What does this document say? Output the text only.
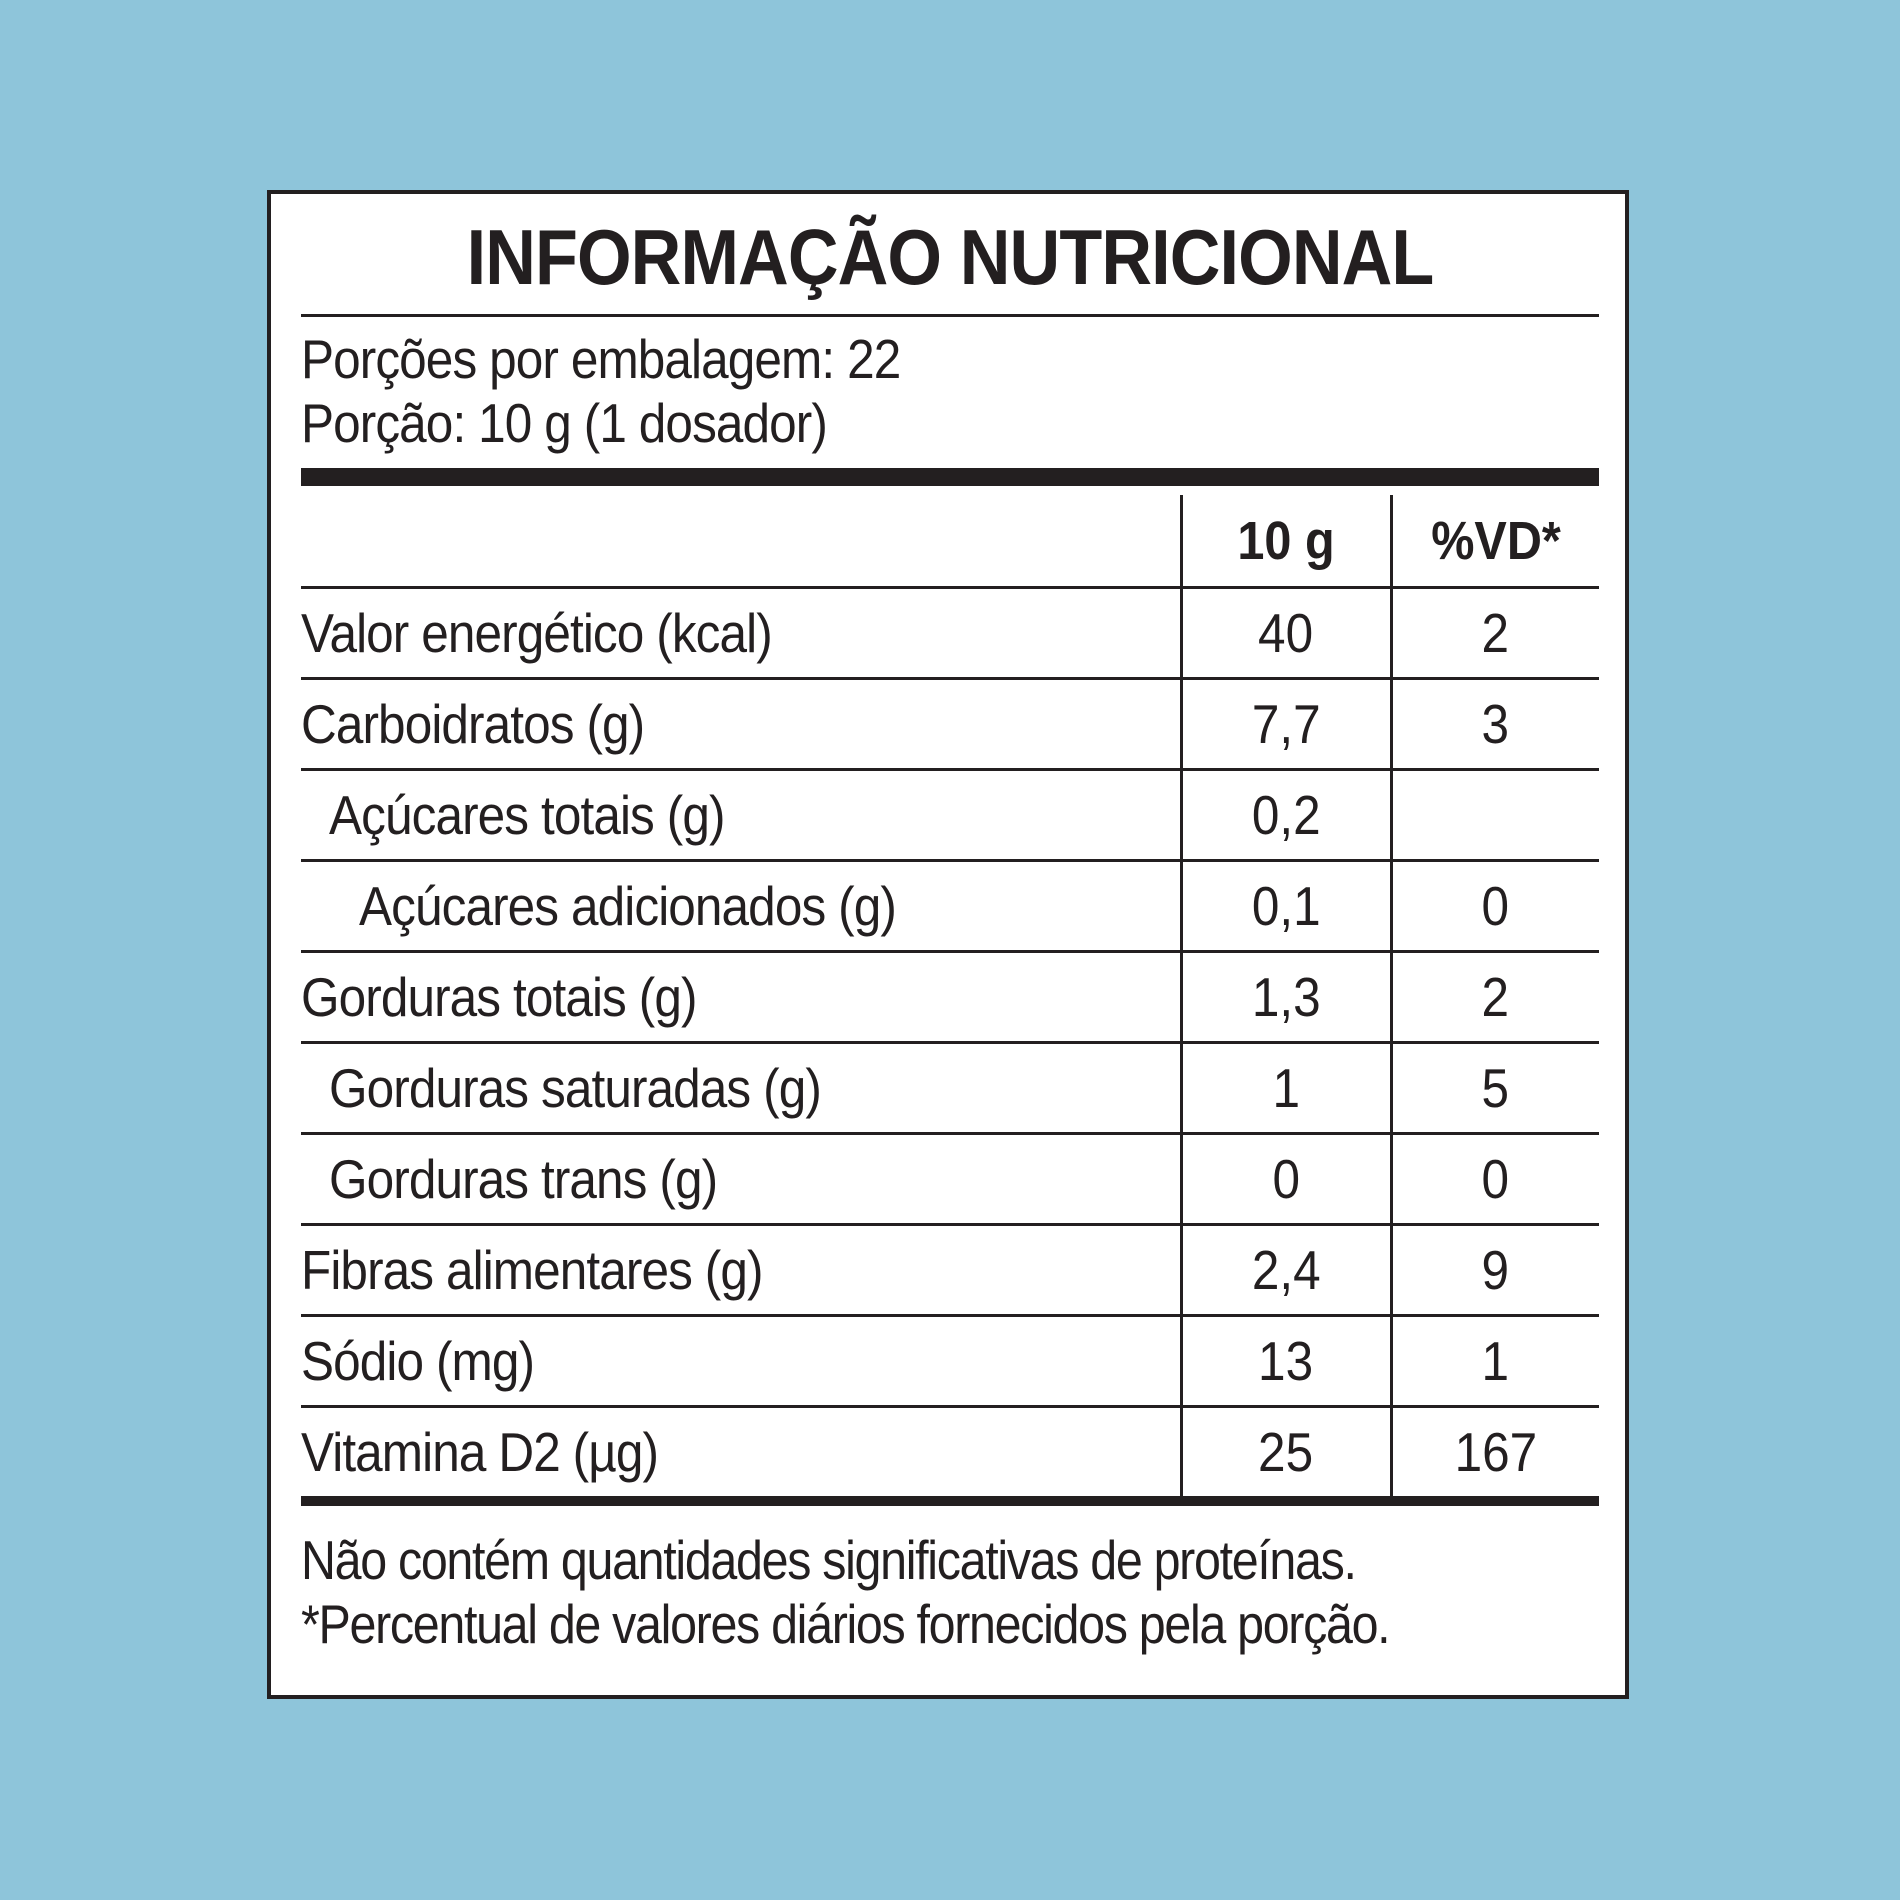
INFORMAÇÃO NUTRICIONAL
Porções por embalagem: 22
Porção: 10 g (1 dosador)
	10 g	%VD*
Valor energético (kcal)	40	2
Carboidratos (g)	7,7	3
Açúcares totais (g)	0,2	
Açúcares adicionados (g)	0,1	0
Gorduras totais (g)	1,3	2
Gorduras saturadas (g)	1	5
Gorduras trans (g)	0	0
Fibras alimentares (g)	2,4	9
Sódio (mg)	13	1
Vitamina D2 (µg)	25	167
Não contém quantidades significativas de proteínas.
*Percentual de valores diários fornecidos pela porção.
